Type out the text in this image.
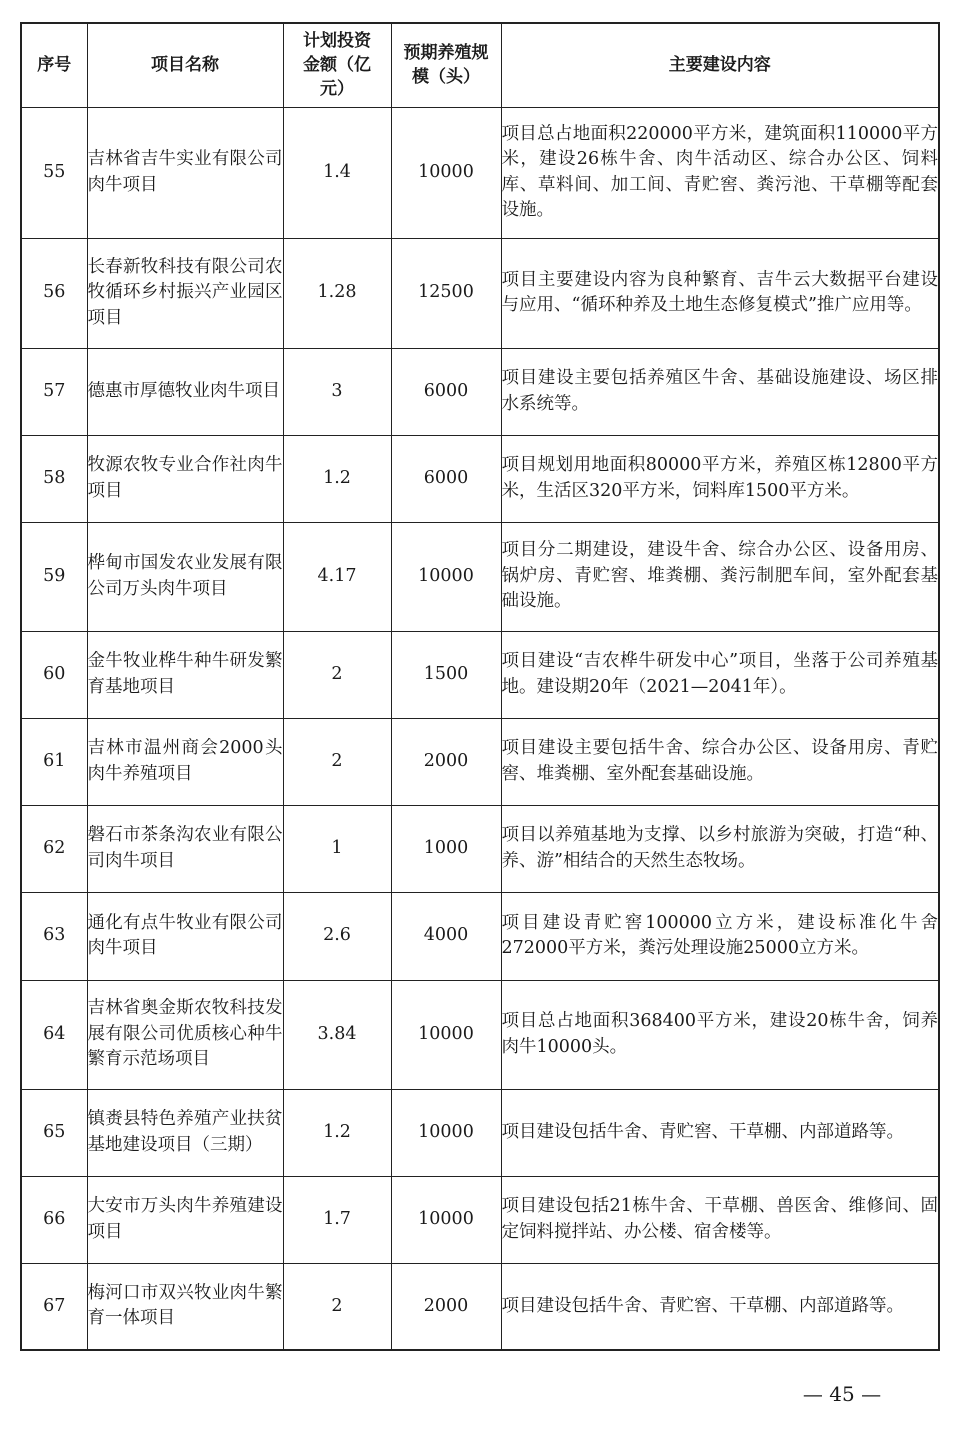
序号	项目名称	计划投资金额（亿元）	预期养殖规模（头）	主要建设内容
55	吉林省吉牛实业有限公司肉牛项目	1.4	10000	项目总占地面积220000平方米，建筑面积110000平方米，建设26栋牛舍、肉牛活动区、综合办公区、饲料库、草料间、加工间、青贮窖、粪污池、干草棚等配套设施。
56	长春新牧科技有限公司农牧循环乡村振兴产业园区项目	1.28	12500	项目主要建设内容为良种繁育、吉牛云大数据平台建设与应用、“循环种养及土地生态修复模式”推广应用等。
57	德惠市厚德牧业肉牛项目	3	6000	项目建设主要包括养殖区牛舍、基础设施建设、场区排水系统等。
58	牧源农牧专业合作社肉牛项目	1.2	6000	项目规划用地面积80000平方米，养殖区栋12800平方米，生活区320平方米，饲料库1500平方米。
59	桦甸市国发农业发展有限公司万头肉牛项目	4.17	10000	项目分二期建设，建设牛舍、综合办公区、设备用房、锅炉房、青贮窖、堆粪棚、粪污制肥车间，室外配套基础设施。
60	金牛牧业桦牛种牛研发繁育基地项目	2	1500	项目建设“吉农桦牛研发中心”项目，坐落于公司养殖基地。建设期20年（2021—2041年）。
61	吉林市温州商会2000头肉牛养殖项目	2	2000	项目建设主要包括牛舍、综合办公区、设备用房、青贮窖、堆粪棚、室外配套基础设施。
62	磐石市茶条沟农业有限公司肉牛项目	1	1000	项目以养殖基地为支撑、以乡村旅游为突破，打造“种、养、游”相结合的天然生态牧场。
63	通化有点牛牧业有限公司肉牛项目	2.6	4000	项目建设青贮窖100000立方米，建设标准化牛舍272000平方米，粪污处理设施25000立方米。
64	吉林省奥金斯农牧科技发展有限公司优质核心种牛繁育示范场项目	3.84	10000	项目总占地面积368400平方米，建设20栋牛舍，饲养肉牛10000头。
65	镇赉县特色养殖产业扶贫基地建设项目（三期）	1.2	10000	项目建设包括牛舍、青贮窖、干草棚、内部道路等。
66	大安市万头肉牛养殖建设项目	1.7	10000	项目建设包括21栋牛舍、干草棚、兽医舍、维修间、固定饲料搅拌站、办公楼、宿舍楼等。
67	梅河口市双兴牧业肉牛繁育一体项目	2	2000	项目建设包括牛舍、青贮窖、干草棚、内部道路等。
— 45 —
